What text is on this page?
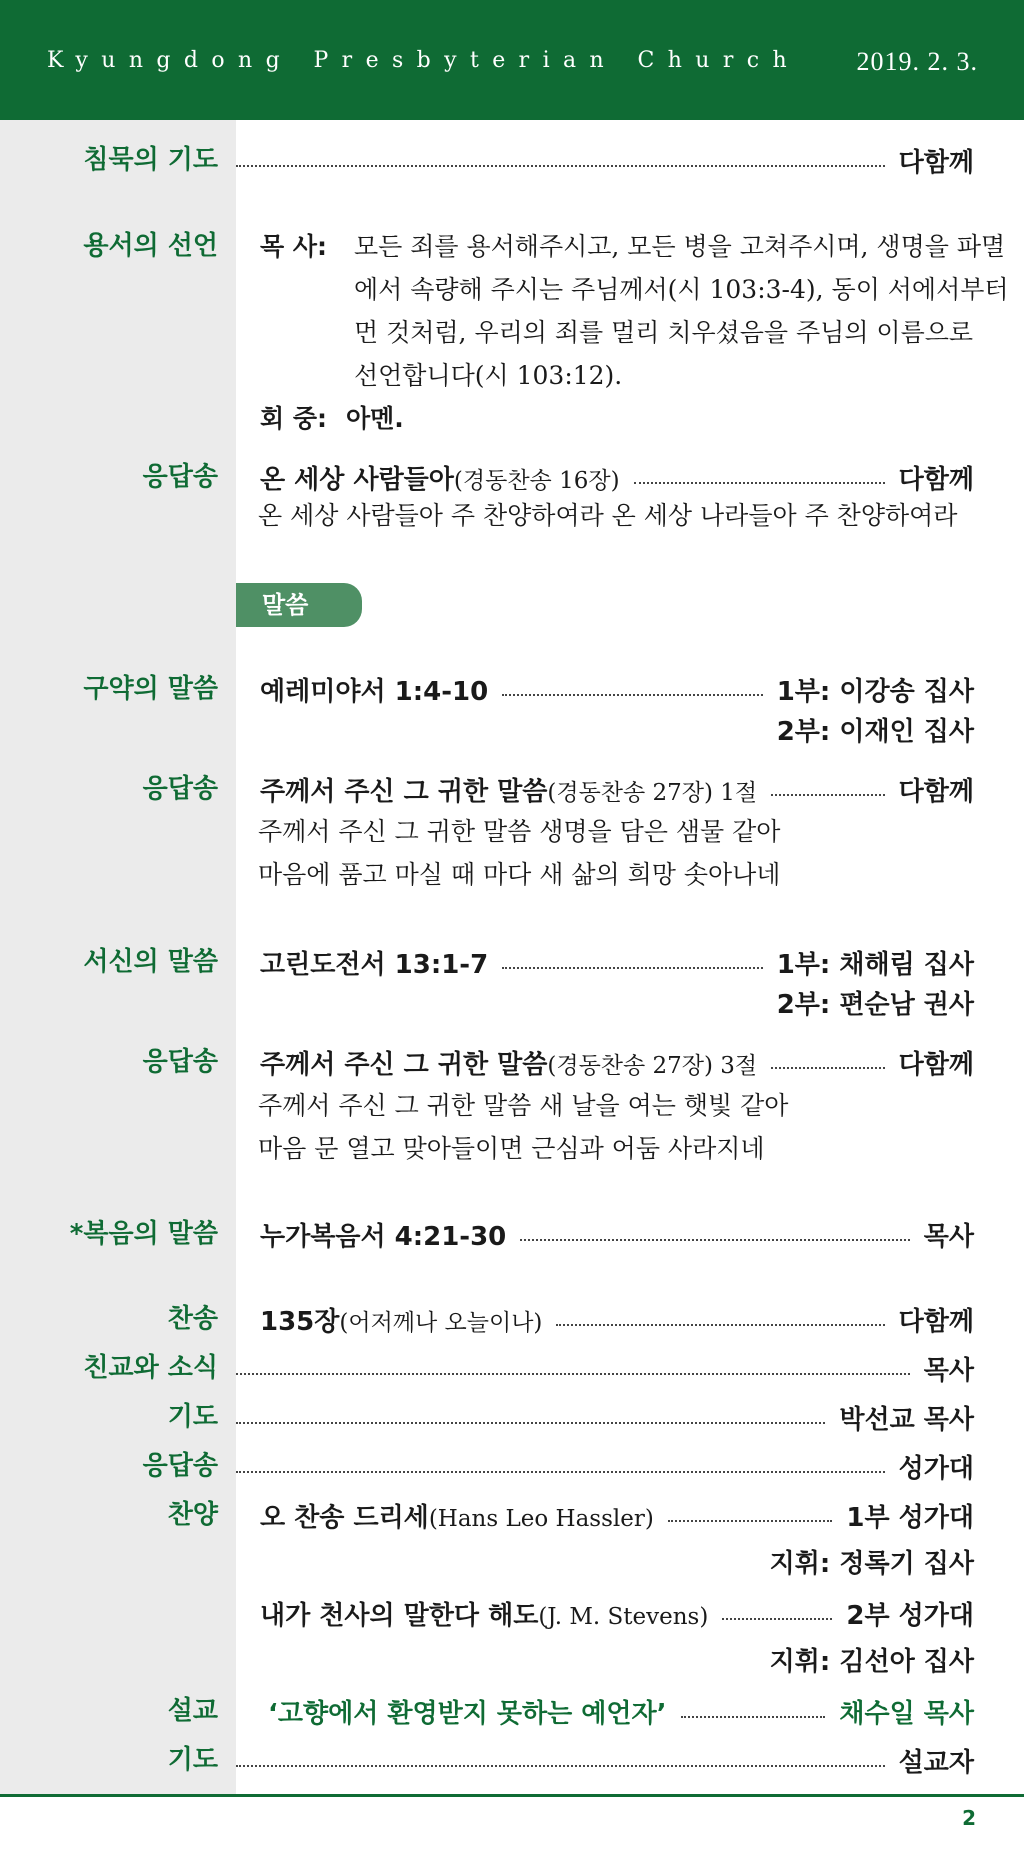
Kyungdong Presbyterian Church 2019. 2. 3.
침묵의 기도	다함께
용서의 선언 목 사: 모든 죄를 용서해주시고, 모든 병을 고쳐주시며, 생명을 파멸
에서 속량해 주시는 주님께서(시 103:3-4), 동이 서에서부터
먼 것처럼, 우리의 죄를 멀리 치우셨음을 주님의 이름으로
선언합니다(시 103:12).
회 중: 아멘.
응답송 온 세상 사람들아(경동찬송 16장)	다함께
온 세상 사람들아 주 찬양하여라 온 세상 나라들아 주 찬양하여라
말씀
구약의 말씀 예레미야서 1:4-10	1부: 이강송 집사
2부: 이재인 집사
응답송 주께서 주신 그 귀한 말씀(경동찬송 27장) 1절	다함께
주께서 주신 그 귀한 말씀 생명을 담은 샘물 같아
마음에 품고 마실 때 마다 새 삶의 희망 솟아나네
서신의 말씀 고린도전서 13:1-7	1부: 채해림 집사
2부: 편순남 권사
응답송 주께서 주신 그 귀한 말씀(경동찬송 27장) 3절	다함께
주께서 주신 그 귀한 말씀 새 날을 여는 햇빛 같아
마음 문 열고 맞아들이면 근심과 어둠 사라지네
*복음의 말씀 누가복음서 4:21-30	목사
찬송 135장(어저께나 오늘이나)	다함께
친교와 소식	목사
기도	박선교 목사
응답송	성가대
찬양 오 찬송 드리세(Hans Leo Hassler)	1부 성가대
지휘: 정록기 집사
내가 천사의 말한다 해도(J. M. Stevens)	2부 성가대
지휘: 김선아 집사
설교 ‘고향에서 환영받지 못하는 예언자’	채수일 목사
기도	설교자
2
